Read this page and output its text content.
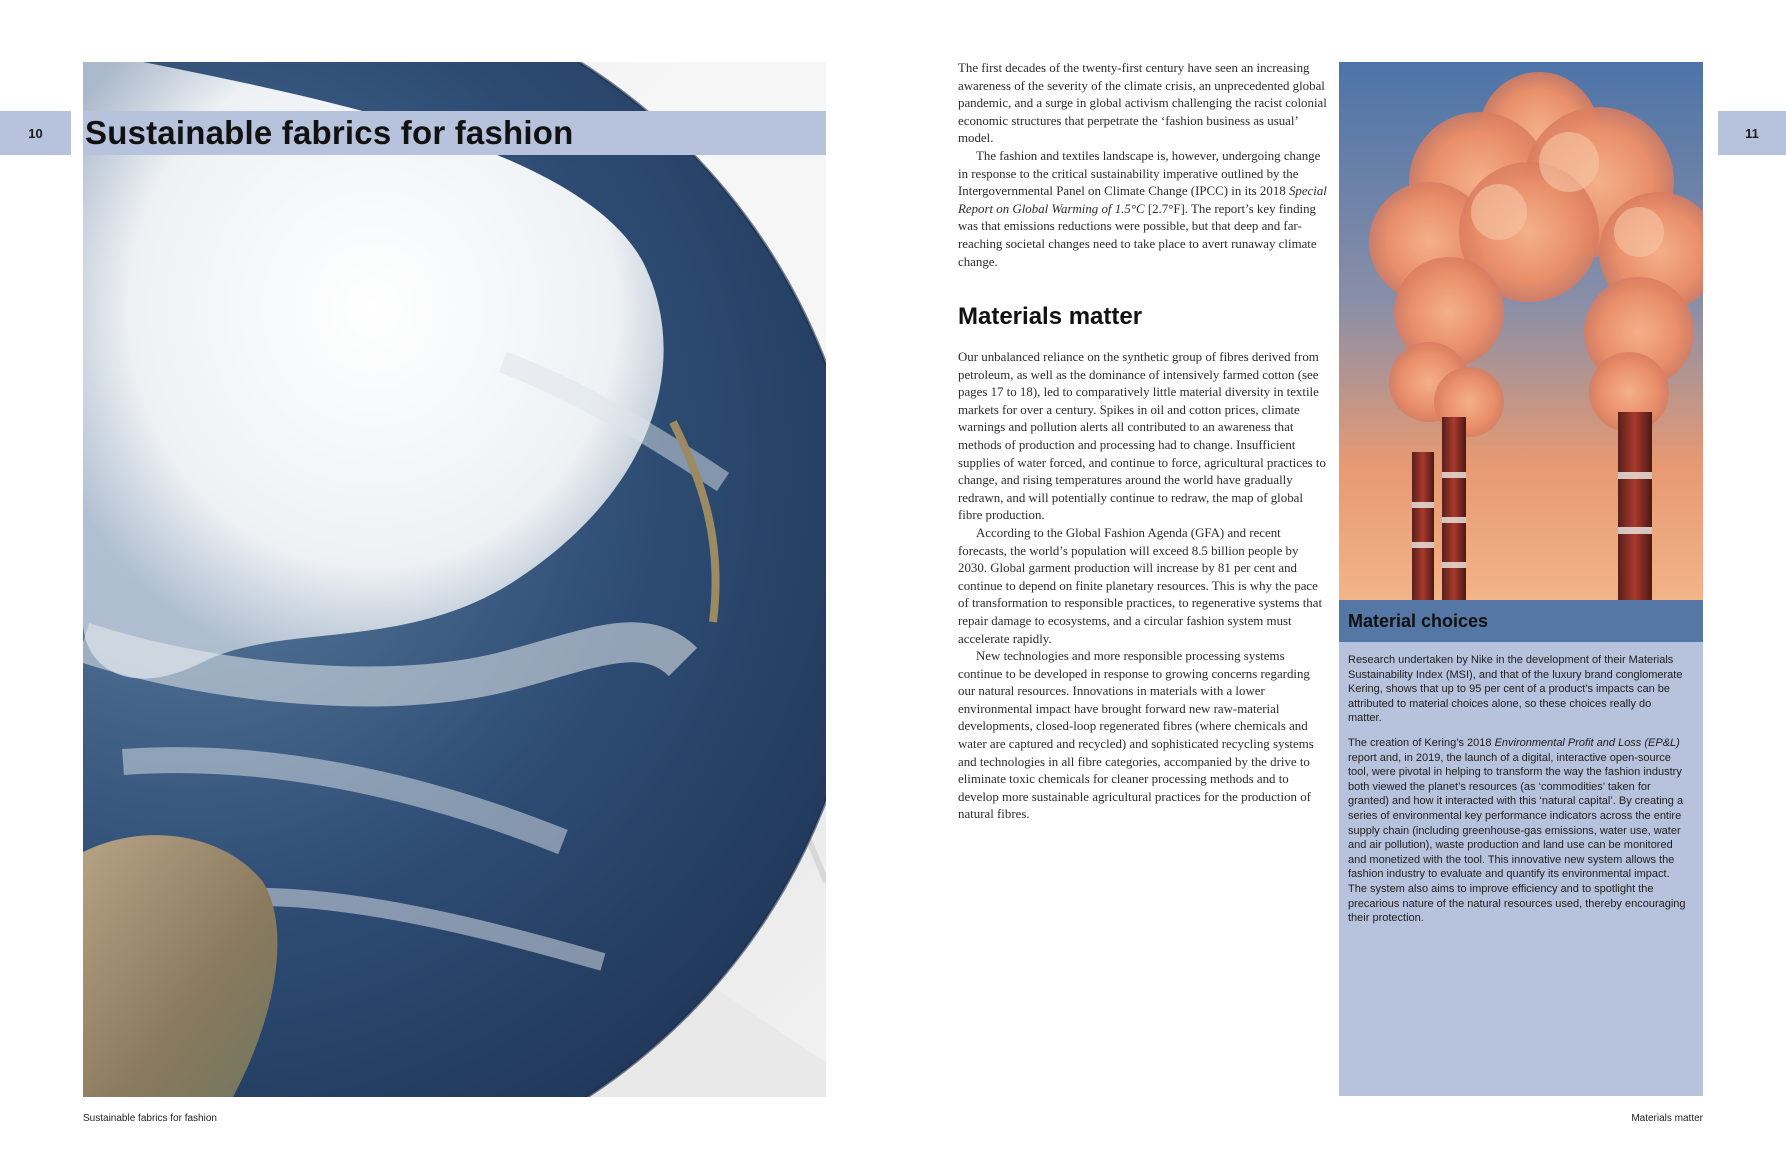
10	Sustainable fabrics for fashion
Sustainable fabrics for fashion

The first decades of the twenty-first century have seen an increasing awareness of the severity of the climate crisis, an unprecedented global pandemic, and a surge in global activism challenging the racist colonial economic structures that perpetrate the ‘fashion business as usual’ model.

The fashion and textiles landscape is, however, undergoing change in response to the critical sustainability imperative outlined by the Intergovernmental Panel on Climate Change (IPCC) in its 2018 Special Report on Global Warming of 1.5°C [2.7°F]. The report’s key finding was that emissions reductions were possible, but that deep and far-reaching societal changes need to take place to avert runaway climate change.

Materials matter

Our unbalanced reliance on the synthetic group of fibres derived from petroleum, as well as the dominance of intensively farmed cotton (see pages 17 to 18), led to comparatively little material diversity in textile markets for over a century. Spikes in oil and cotton prices, climate warnings and pollution alerts all contributed to an awareness that methods of production and processing had to change. Insufficient supplies of water forced, and continue to force, agricultural practices to change, and rising temperatures around the world have gradually redrawn, and will potentially continue to redraw, the map of global fibre production.

According to the Global Fashion Agenda (GFA) and recent forecasts, the world’s population will exceed 8.5 billion people by 2030. Global garment production will increase by 81 per cent and continue to depend on finite planetary resources. This is why the pace of transformation to responsible practices, to regenerative systems that repair damage to ecosystems, and a circular fashion system must accelerate rapidly.

New technologies and more responsible processing systems continue to be developed in response to growing concerns regarding our natural resources. Innovations in materials with a lower environmental impact have brought forward new raw-material developments, closed-loop regenerated fibres (where chemicals and water are captured and recycled) and sophisticated recycling systems and technologies in all fibre categories, accompanied by the drive to eliminate toxic chemicals for cleaner processing methods and to develop more sustainable agricultural practices for the production of natural fibres.

Material choices

Research undertaken by Nike in the development of their Materials Sustainability Index (MSI), and that of the luxury brand conglomerate Kering, shows that up to 95 per cent of a product’s impacts can be attributed to material choices alone, so these choices really do matter.

The creation of Kering’s 2018 Environmental Profit and Loss (EP&L) report and, in 2019, the launch of a digital, interactive open-source tool, were pivotal in helping to transform the way the fashion industry both viewed the planet’s resources (as ‘commodities’ taken for granted) and how it interacted with this ‘natural capital’. By creating a series of environmental key performance indicators across the entire supply chain (including greenhouse-gas emissions, water use, water and air pollution), waste production and land use can be monitored and monetized with the tool. This innovative new system allows the fashion industry to evaluate and quantify its environmental impact. The system also aims to improve efficiency and to spotlight the precarious nature of the natural resources used, thereby encouraging their protection.

11
Materials matter
